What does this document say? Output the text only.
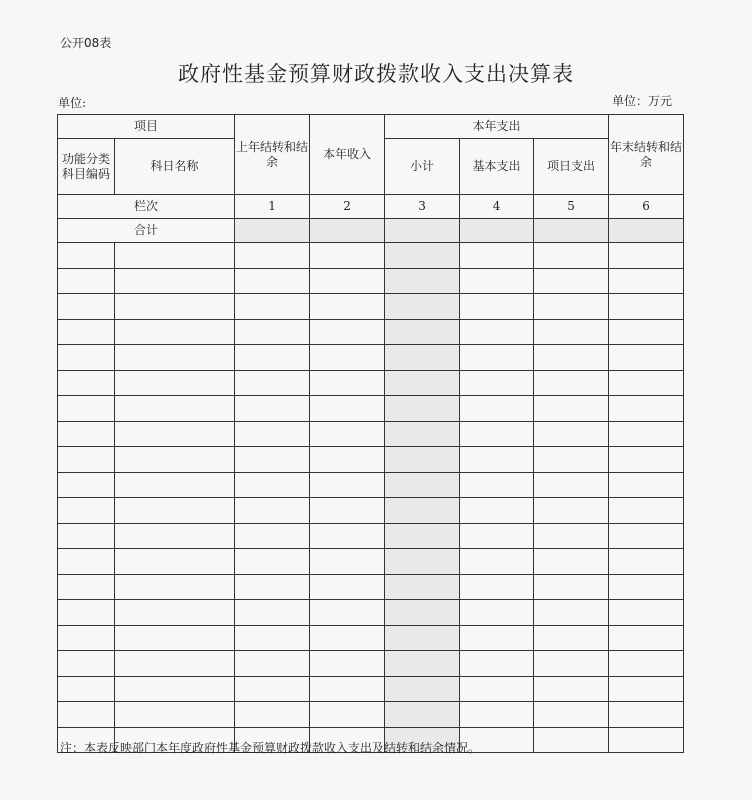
公开08表
政府性基金预算财政拨款收入支出决算表
单位:	单位：万元
项目		上年结转和结余	本年收入	本年支出			年末结转和结余
功能分类科目编码	科日名称			小计	基本支出	项日支出	
栏次		1	2	3	4	5	6
合计							

注：本表反映部门本年度政府性基金预算财政拨款收入支出及结转和结余情况。
